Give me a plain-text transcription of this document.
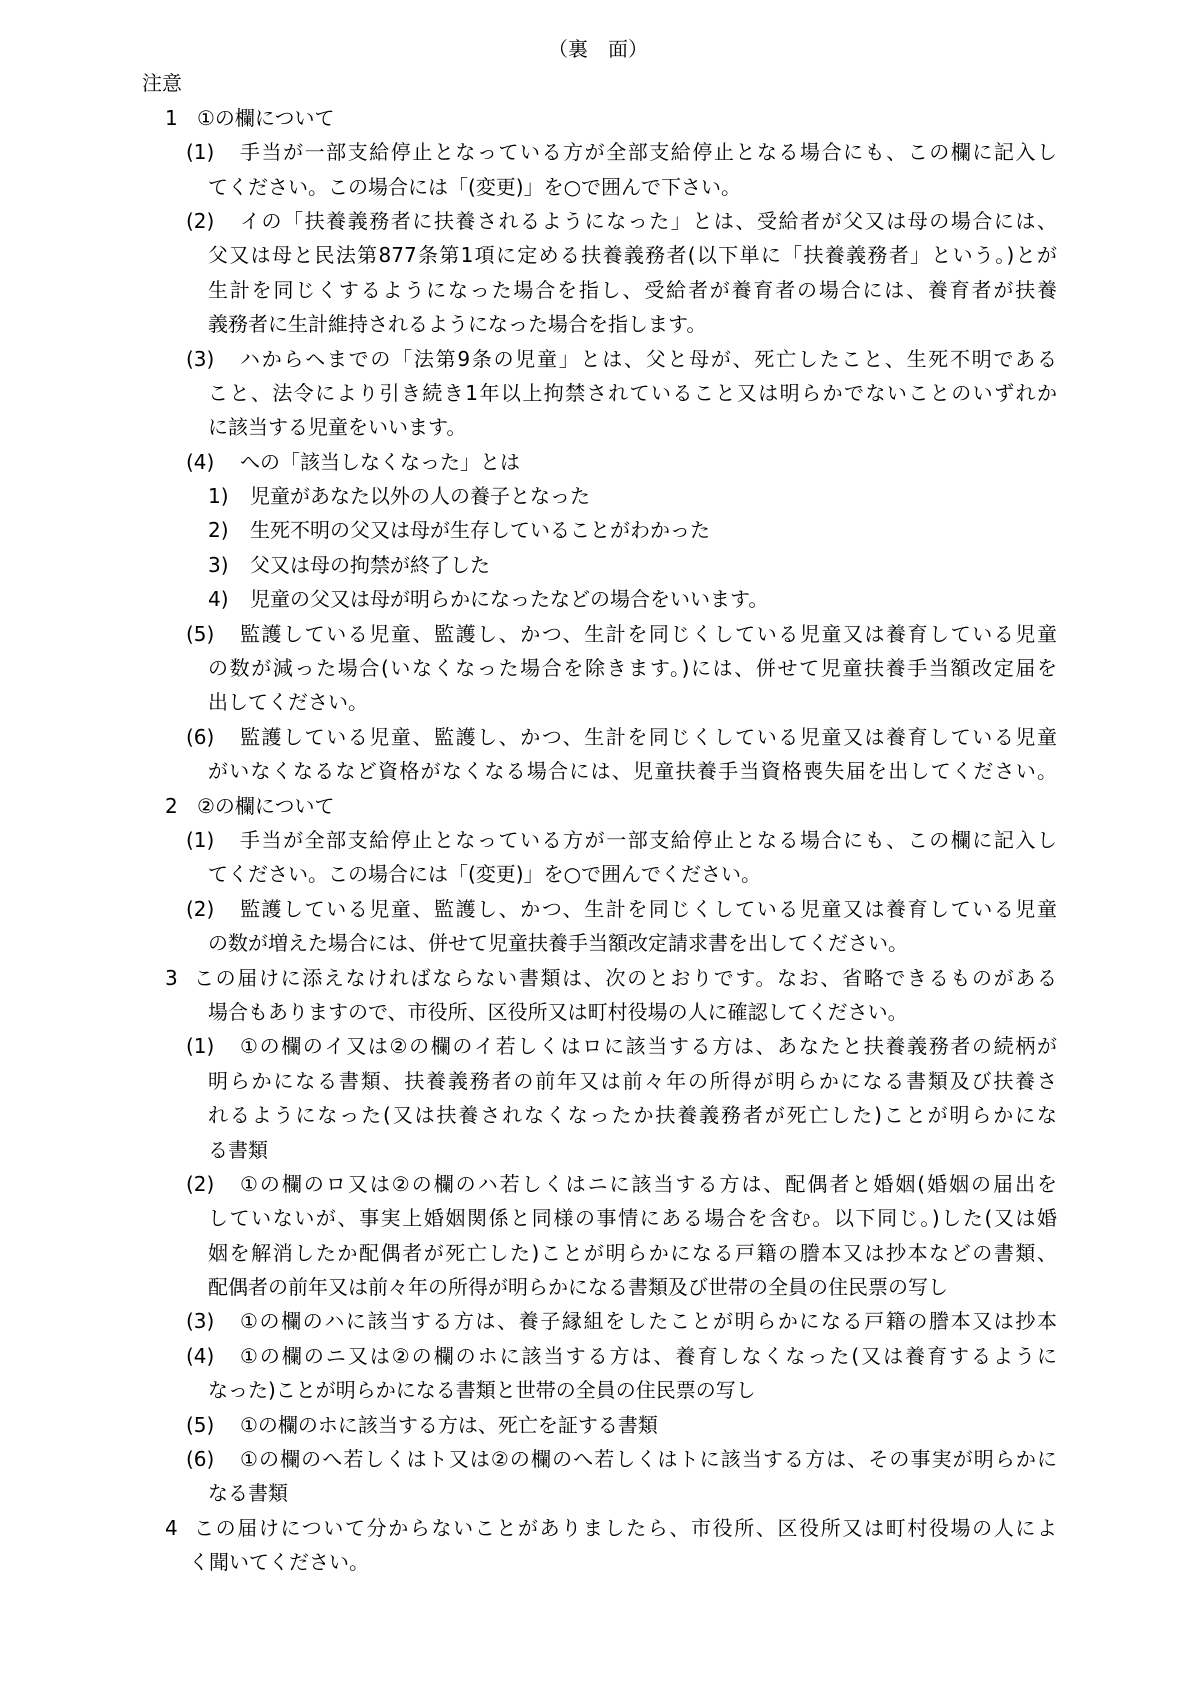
（裏　面）
注意
1 ①の欄について
(1) 手当が一部支給停止となっている方が全部支給停止となる場合にも、この欄に記入し
てください。この場合には「(変更)」を○で囲んで下さい。
(2) イの「扶養義務者に扶養されるようになった」とは、受給者が父又は母の場合には、
父又は母と民法第877条第1項に定める扶養義務者(以下単に「扶養義務者」という。)とが
生計を同じくするようになった場合を指し、受給者が養育者の場合には、養育者が扶養
義務者に生計維持されるようになった場合を指します。
(3) ハからヘまでの「法第9条の児童」とは、父と母が、死亡したこと、生死不明である
こと、法令により引き続き1年以上拘禁されていること又は明らかでないことのいずれか
に該当する児童をいいます。
(4) への「該当しなくなった」とは
1) 児童があなた以外の人の養子となった
2) 生死不明の父又は母が生存していることがわかった
3) 父又は母の拘禁が終了した
4) 児童の父又は母が明らかになったなどの場合をいいます。
(5) 監護している児童、監護し、かつ、生計を同じくしている児童又は養育している児童
の数が減った場合(いなくなった場合を除きます。)には、併せて児童扶養手当額改定届を
出してください。
(6) 監護している児童、監護し、かつ、生計を同じくしている児童又は養育している児童
がいなくなるなど資格がなくなる場合には、児童扶養手当資格喪失届を出してください。
2 ②の欄について
(1) 手当が全部支給停止となっている方が一部支給停止となる場合にも、この欄に記入し
てください。この場合には「(変更)」を○で囲んでください。
(2) 監護している児童、監護し、かつ、生計を同じくしている児童又は養育している児童
の数が増えた場合には、併せて児童扶養手当額改定請求書を出してください。
3 この届けに添えなければならない書類は、次のとおりです。なお、省略できるものがある
場合もありますので、市役所、区役所又は町村役場の人に確認してください。
(1) ①の欄のイ又は②の欄のイ若しくはロに該当する方は、あなたと扶養義務者の続柄が
明らかになる書類、扶養義務者の前年又は前々年の所得が明らかになる書類及び扶養さ
れるようになった(又は扶養されなくなったか扶養義務者が死亡した)ことが明らかにな
る書類
(2) ①の欄のロ又は②の欄のハ若しくはニに該当する方は、配偶者と婚姻(婚姻の届出を
していないが、事実上婚姻関係と同様の事情にある場合を含む。以下同じ。)した(又は婚
姻を解消したか配偶者が死亡した)ことが明らかになる戸籍の謄本又は抄本などの書類、
配偶者の前年又は前々年の所得が明らかになる書類及び世帯の全員の住民票の写し
(3) ①の欄のハに該当する方は、養子縁組をしたことが明らかになる戸籍の謄本又は抄本
(4) ①の欄のニ又は②の欄のホに該当する方は、養育しなくなった(又は養育するように
なった)ことが明らかになる書類と世帯の全員の住民票の写し
(5) ①の欄のホに該当する方は、死亡を証する書類
(6) ①の欄のへ若しくはト又は②の欄のへ若しくはトに該当する方は、その事実が明らかに
なる書類
4 この届けについて分からないことがありましたら、市役所、区役所又は町村役場の人によ
く聞いてください。
